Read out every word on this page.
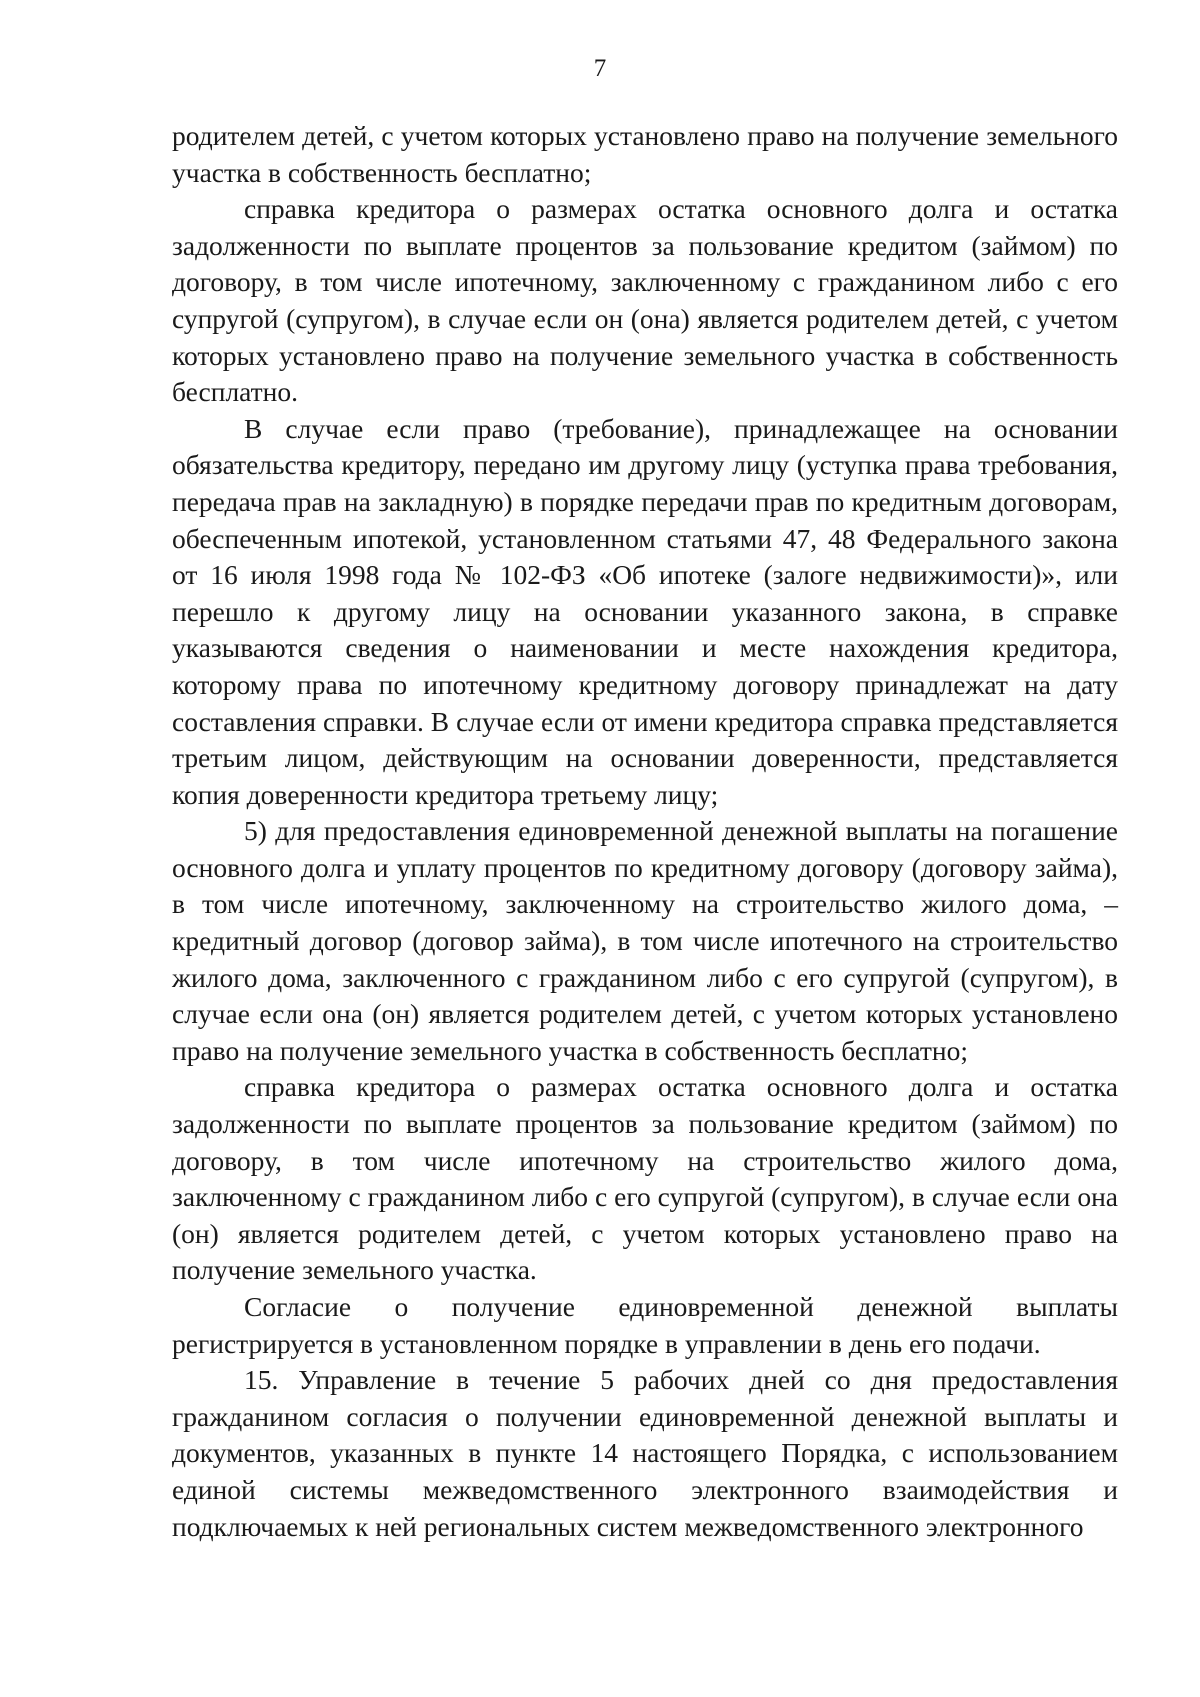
7

родителем детей, с учетом которых установлено право на получение земельного участка в собственность бесплатно;

справка кредитора о размерах остатка основного долга и остатка задолженности по выплате процентов за пользование кредитом (займом) по договору, в том числе ипотечному, заключенному с гражданином либо с его супругой (супругом), в случае если он (она) является родителем детей, с учетом которых установлено право на получение земельного участка в собственность бесплатно.

В случае если право (требование), принадлежащее на основании обязательства кредитору, передано им другому лицу (уступка права требования, передача прав на закладную) в порядке передачи прав по кредитным договорам, обеспеченным ипотекой, установленном статьями 47, 48 Федерального закона от 16 июля 1998 года № 102-ФЗ «Об ипотеке (залоге недвижимости)», или перешло к другому лицу на основании указанного закона, в справке указываются сведения о наименовании и месте нахождения кредитора, которому права по ипотечному кредитному договору принадлежат на дату составления справки. В случае если от имени кредитора справка представляется третьим лицом, действующим на основании доверенности, представляется копия доверенности кредитора третьему лицу;

5) для предоставления единовременной денежной выплаты на погашение основного долга и уплату процентов по кредитному договору (договору займа), в том числе ипотечному, заключенному на строительство жилого дома, – кредитный договор (договор займа), в том числе ипотечного на строительство жилого дома, заключенного с гражданином либо с его супругой (супругом), в случае если она (он) является родителем детей, с учетом которых установлено право на получение земельного участка в собственность бесплатно;

справка кредитора о размерах остатка основного долга и остатка задолженности по выплате процентов за пользование кредитом (займом) по договору, в том числе ипотечному на строительство жилого дома, заключенному с гражданином либо с его супругой (супругом), в случае если она (он) является родителем детей, с учетом которых установлено право на получение земельного участка.

Согласие о получение единовременной денежной выплаты регистрируется в установленном порядке в управлении в день его подачи.

15. Управление в течение 5 рабочих дней со дня предоставления гражданином согласия о получении единовременной денежной выплаты и документов, указанных в пункте 14 настоящего Порядка, с использованием единой системы межведомственного электронного взаимодействия и подключаемых к ней региональных систем межведомственного электронного
